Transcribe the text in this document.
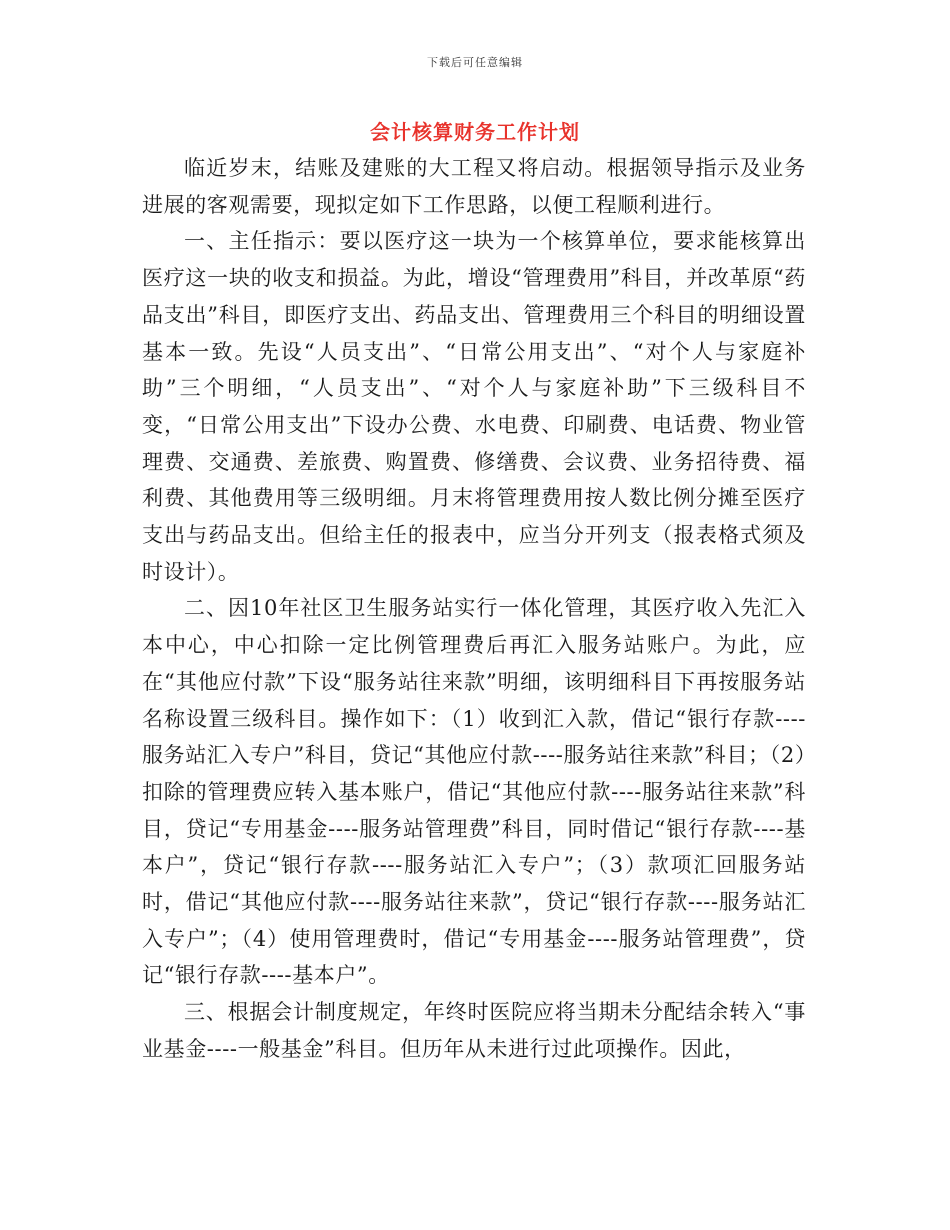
下载后可任意编辑
会计核算财务工作计划

临近岁末，结账及建账的大工程又将启动。根据领导指示及业务进展的客观需要，现拟定如下工作思路，以便工程顺利进行。

一、主任指示：要以医疗这一块为一个核算单位，要求能核算出医疗这一块的收支和损益。为此，增设“管理费用”科目，并改革原“药品支出”科目，即医疗支出、药品支出、管理费用三个科目的明细设置基本一致。先设“人员支出”、“日常公用支出”、“对个人与家庭补助”三个明细，“人员支出”、“对个人与家庭补助”下三级科目不变，“日常公用支出”下设办公费、水电费、印刷费、电话费、物业管理费、交通费、差旅费、购置费、修缮费、会议费、业务招待费、福利费、其他费用等三级明细。月末将管理费用按人数比例分摊至医疗支出与药品支出。但给主任的报表中，应当分开列支（报表格式须及时设计）。

二、因10年社区卫生服务站实行一体化管理，其医疗收入先汇入本中心，中心扣除一定比例管理费后再汇入服务站账户。为此，应在“其他应付款”下设“服务站往来款”明细，该明细科目下再按服务站名称设置三级科目。操作如下：（1）收到汇入款，借记“银行存款----服务站汇入专户”科目，贷记“其他应付款----服务站往来款”科目；（2）扣除的管理费应转入基本账户，借记“其他应付款----服务站往来款”科目，贷记“专用基金----服务站管理费”科目，同时借记“银行存款----基本户”，贷记“银行存款----服务站汇入专户”；（3）款项汇回服务站时，借记“其他应付款----服务站往来款”，贷记“银行存款----服务站汇入专户”；（4）使用管理费时，借记“专用基金----服务站管理费”，贷记“银行存款----基本户”。

三、根据会计制度规定，年终时医院应将当期未分配结余转入“事业基金----一般基金”科目。但历年从未进行过此项操作。因此，
